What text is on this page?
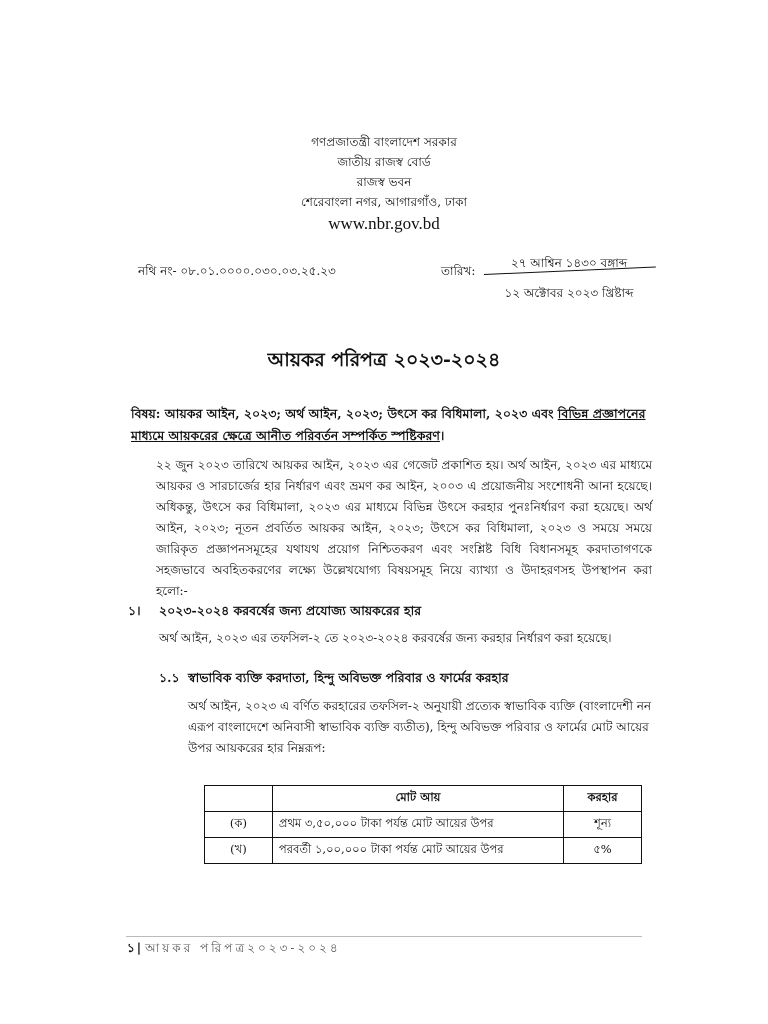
গণপ্রজাতন্ত্রী বাংলাদেশ সরকার
জাতীয় রাজস্ব বোর্ড
রাজস্ব ভবন
শেরেবাংলা নগর, আগারগাঁও, ঢাকা
www.nbr.gov.bd
নথি নং- ০৮.০১.০০০০.০৩০.০৩.২৫.২৩	তারিখ:
২৭ আশ্বিন ১৪৩০ বঙ্গাব্দ
১২ অক্টোবর ২০২৩ খ্রিষ্টাব্দ
আয়কর পরিপত্র ২০২৩-২০২৪
বিষয়: আয়কর আইন, ২০২৩; অর্থ আইন, ২০২৩; উৎসে কর বিধিমালা, ২০২৩ এবং বিভিন্ন প্রজ্ঞাপনের মাধ্যমে আয়করের ক্ষেত্রে আনীত পরিবর্তন সম্পর্কিত স্পষ্টিকরণ।
২২ জুন ২০২৩ তারিখে আয়কর আইন, ২০২৩ এর গেজেট প্রকাশিত হয়। অর্থ আইন, ২০২৩ এর মাধ্যমে আয়কর ও সারচার্জের হার নির্ধারণ এবং ভ্রমণ কর আইন, ২০০৩ এ প্রয়োজনীয় সংশোধনী আনা হয়েছে। অধিকন্তু, উৎসে কর বিধিমালা, ২০২৩ এর মাধ্যমে বিভিন্ন উৎসে করহার পুনঃনির্ধারণ করা হয়েছে। অর্থ আইন, ২০২৩; নূতন প্রবর্তিত আয়কর আইন, ২০২৩; উৎসে কর বিধিমালা, ২০২৩ ও সময়ে সময়ে জারিকৃত প্রজ্ঞাপনসমূহের যথাযথ প্রয়োগ নিশ্চিতকরণ এবং সংশ্লিষ্ট বিধি বিধানসমূহ করদাতাগণকে সহজভাবে অবহিতকরণের লক্ষ্যে উল্লেখযোগ্য বিষয়সমূহ নিয়ে ব্যাখ্যা ও উদাহরণসহ উপস্থাপন করা হলো:-
১। ২০২৩-২০২৪ করবর্ষের জন্য প্রযোজ্য আয়করের হার
অর্থ আইন, ২০২৩ এর তফসিল-২ তে ২০২৩-২০২৪ করবর্ষের জন্য করহার নির্ধারণ করা হয়েছে।
১.১ স্বাভাবিক ব্যক্তি করদাতা, হিন্দু অবিভক্ত পরিবার ও ফার্মের করহার
অর্থ আইন, ২০২৩ এ বর্ণিত করহারের তফসিল-২ অনুযায়ী প্রত্যেক স্বাভাবিক ব্যক্তি (বাংলাদেশী নন এরূপ বাংলাদেশে অনিবাসী স্বাভাবিক ব্যক্তি ব্যতীত), হিন্দু অবিভক্ত পরিবার ও ফার্মের মোট আয়ের উপর আয়করের হার নিম্নরূপ:
	মোট আয়	করহার
(ক)	প্রথম ৩,৫০,০০০ টাকা পর্যন্ত মোট আয়ের উপর	শূন্য
(খ)	পরবর্তী ১,০০,০০০ টাকা পর্যন্ত মোট আয়ের উপর	৫%
১ | আয়কর পরিপত্র২০২৩-২০২৪
